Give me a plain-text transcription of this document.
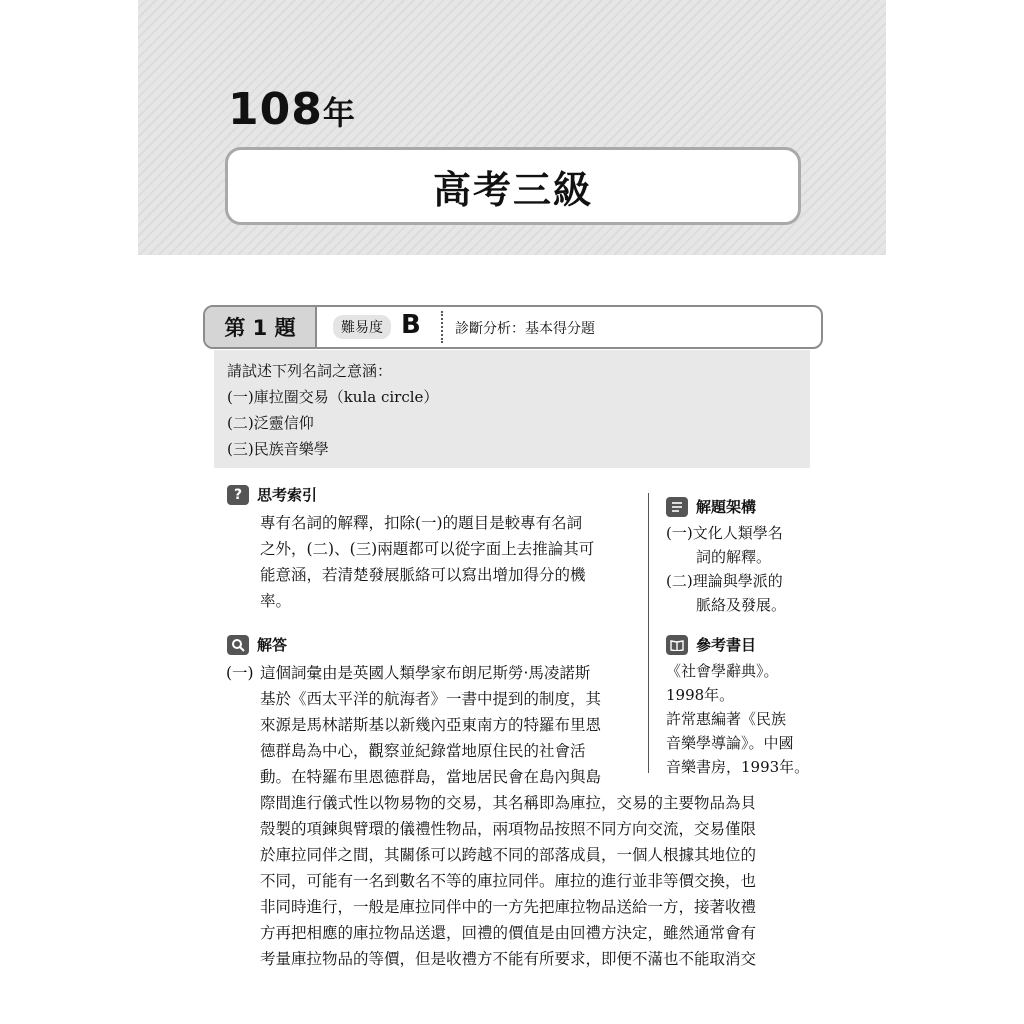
108年
高考三級
第 1 題	難易度 B 診斷分析：基本得分題
請試述下列名詞之意涵：
(一)庫拉圈交易（kula circle）
(二)泛靈信仰
(三)民族音樂學
? 思考索引
專有名詞的解釋，扣除(一)的題目是較專有名詞
之外，(二)、(三)兩題都可以從字面上去推論其可
能意涵，若清楚發展脈絡可以寫出增加得分的機
率。
解答
(一) 這個詞彙由是英國人類學家布朗尼斯勞·馬凌諾斯
基於《西太平洋的航海者》一書中提到的制度，其
來源是馬林諾斯基以新幾內亞東南方的特羅布里恩
德群島為中心，觀察並紀錄當地原住民的社會活
動。在特羅布里恩德群島，當地居民會在島內與島
際間進行儀式性以物易物的交易，其名稱即為庫拉，交易的主要物品為貝
殼製的項鍊與臂環的儀禮性物品，兩項物品按照不同方向交流，交易僅限
於庫拉同伴之間，其關係可以跨越不同的部落成員，一個人根據其地位的
不同，可能有一名到數名不等的庫拉同伴。庫拉的進行並非等價交換，也
非同時進行，一般是庫拉同伴中的一方先把庫拉物品送給一方，接著收禮
方再把相應的庫拉物品送還，回禮的價值是由回禮方決定，雖然通常會有
考量庫拉物品的等價，但是收禮方不能有所要求，即便不滿也不能取消交
解題架構
(一)文化人類學名
　　詞的解釋。
(二)理論與學派的
　　脈絡及發展。
參考書目
《社會學辭典》。
1998年。
許常惠編著《民族
音樂學導論》。中國
音樂書房，1993年。
